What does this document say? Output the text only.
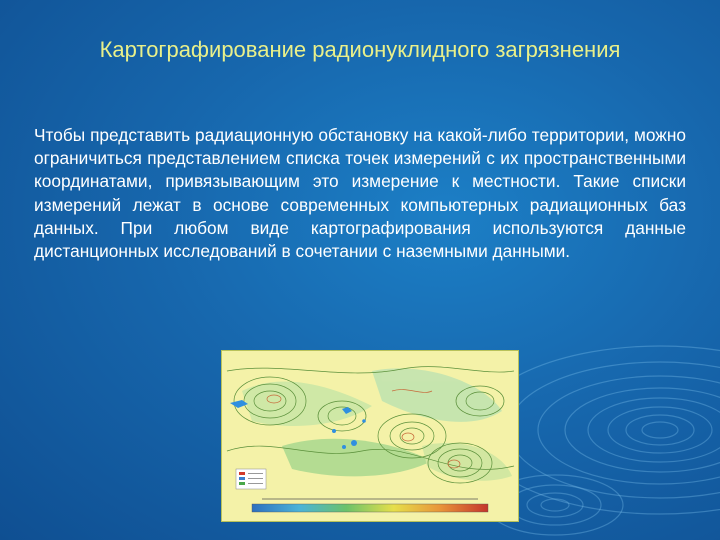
Картографирование радионуклидного загрязнения

Чтобы представить радиационную обстановку на какой-либо территории, можно ограничиться представлением списка точек измерений с их пространственными координатами, привязывающим это измерение к местности. Такие списки измерений лежат в основе современных компьютерных радиационных баз данных. При любом виде картографирования используются данные дистанционных исследований в сочетании с наземными данными.
